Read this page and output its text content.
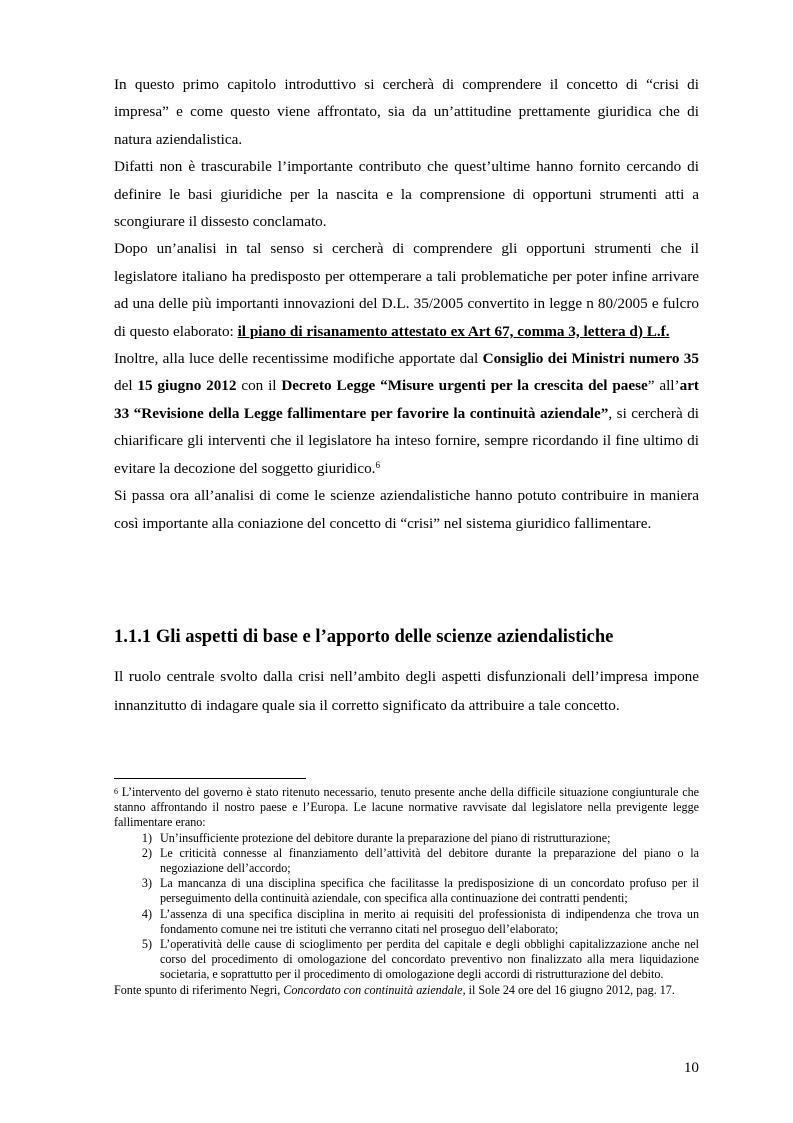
In questo primo capitolo introduttivo si cercherà di comprendere il concetto di “crisi di impresa” e come questo viene affrontato, sia da un’attitudine prettamente giuridica che di natura aziendalistica.

Difatti non è trascurabile l’importante contributo che quest’ultime hanno fornito cercando di definire le basi giuridiche per la nascita e la comprensione di opportuni strumenti atti a scongiurare il dissesto conclamato.

Dopo un’analisi in tal senso si cercherà di comprendere gli opportuni strumenti che il legislatore italiano ha predisposto per ottemperare a tali problematiche per poter infine arrivare ad una delle più importanti innovazioni del D.L. 35/2005 convertito in legge n 80/2005 e fulcro di questo elaborato: il piano di risanamento attestato ex Art 67, comma 3, lettera d) L.f.

Inoltre, alla luce delle recentissime modifiche apportate dal Consiglio dei Ministri numero 35 del 15 giugno 2012 con il Decreto Legge “Misure urgenti per la crescita del paese” all’art 33 “Revisione della Legge fallimentare per favorire la continuità aziendale”, si cercherà di chiarificare gli interventi che il legislatore ha inteso fornire, sempre ricordando il fine ultimo di evitare la decozione del soggetto giuridico.$^6$

Si passa ora all’analisi di come le scienze aziendalistiche hanno potuto contribuire in maniera così importante alla coniazione del concetto di “crisi” nel sistema giuridico fallimentare.

1.1.1 Gli aspetti di base e l’apporto delle scienze aziendalistiche

Il ruolo centrale svolto dalla crisi nell’ambito degli aspetti disfunzionali dell’impresa impone innanzitutto di indagare quale sia il corretto significato da attribuire a tale concetto.

$^6$ L’intervento del governo è stato ritenuto necessario, tenuto presente anche della difficile situazione congiunturale che stanno affrontando il nostro paese e l’Europa. Le lacune normative ravvisate dal legislatore nella previgente legge fallimentare erano:

1) Un’insufficiente protezione del debitore durante la preparazione del piano di ristrutturazione;
2) Le criticità connesse al finanziamento dell’attività del debitore durante la preparazione del piano o la negoziazione dell’accordo;
3) La mancanza di una disciplina specifica che facilitasse la predisposizione di un concordato profuso per il perseguimento della continuità aziendale, con specifica alla continuazione dei contratti pendenti;
4) L’assenza di una specifica disciplina in merito ai requisiti del professionista di indipendenza che trova un fondamento comune nei tre istituti che verranno citati nel proseguo dell’elaborato;
5) L’operatività delle cause di scioglimento per perdita del capitale e degli obblighi capitalizzazione anche nel corso del procedimento di omologazione del concordato preventivo non finalizzato alla mera liquidazione societaria, e soprattutto per il procedimento di omologazione degli accordi di ristrutturazione del debito.

Fonte spunto di riferimento Negri, Concordato con continuità aziendale, il Sole 24 ore del 16 giugno 2012, pag. 17.

10
